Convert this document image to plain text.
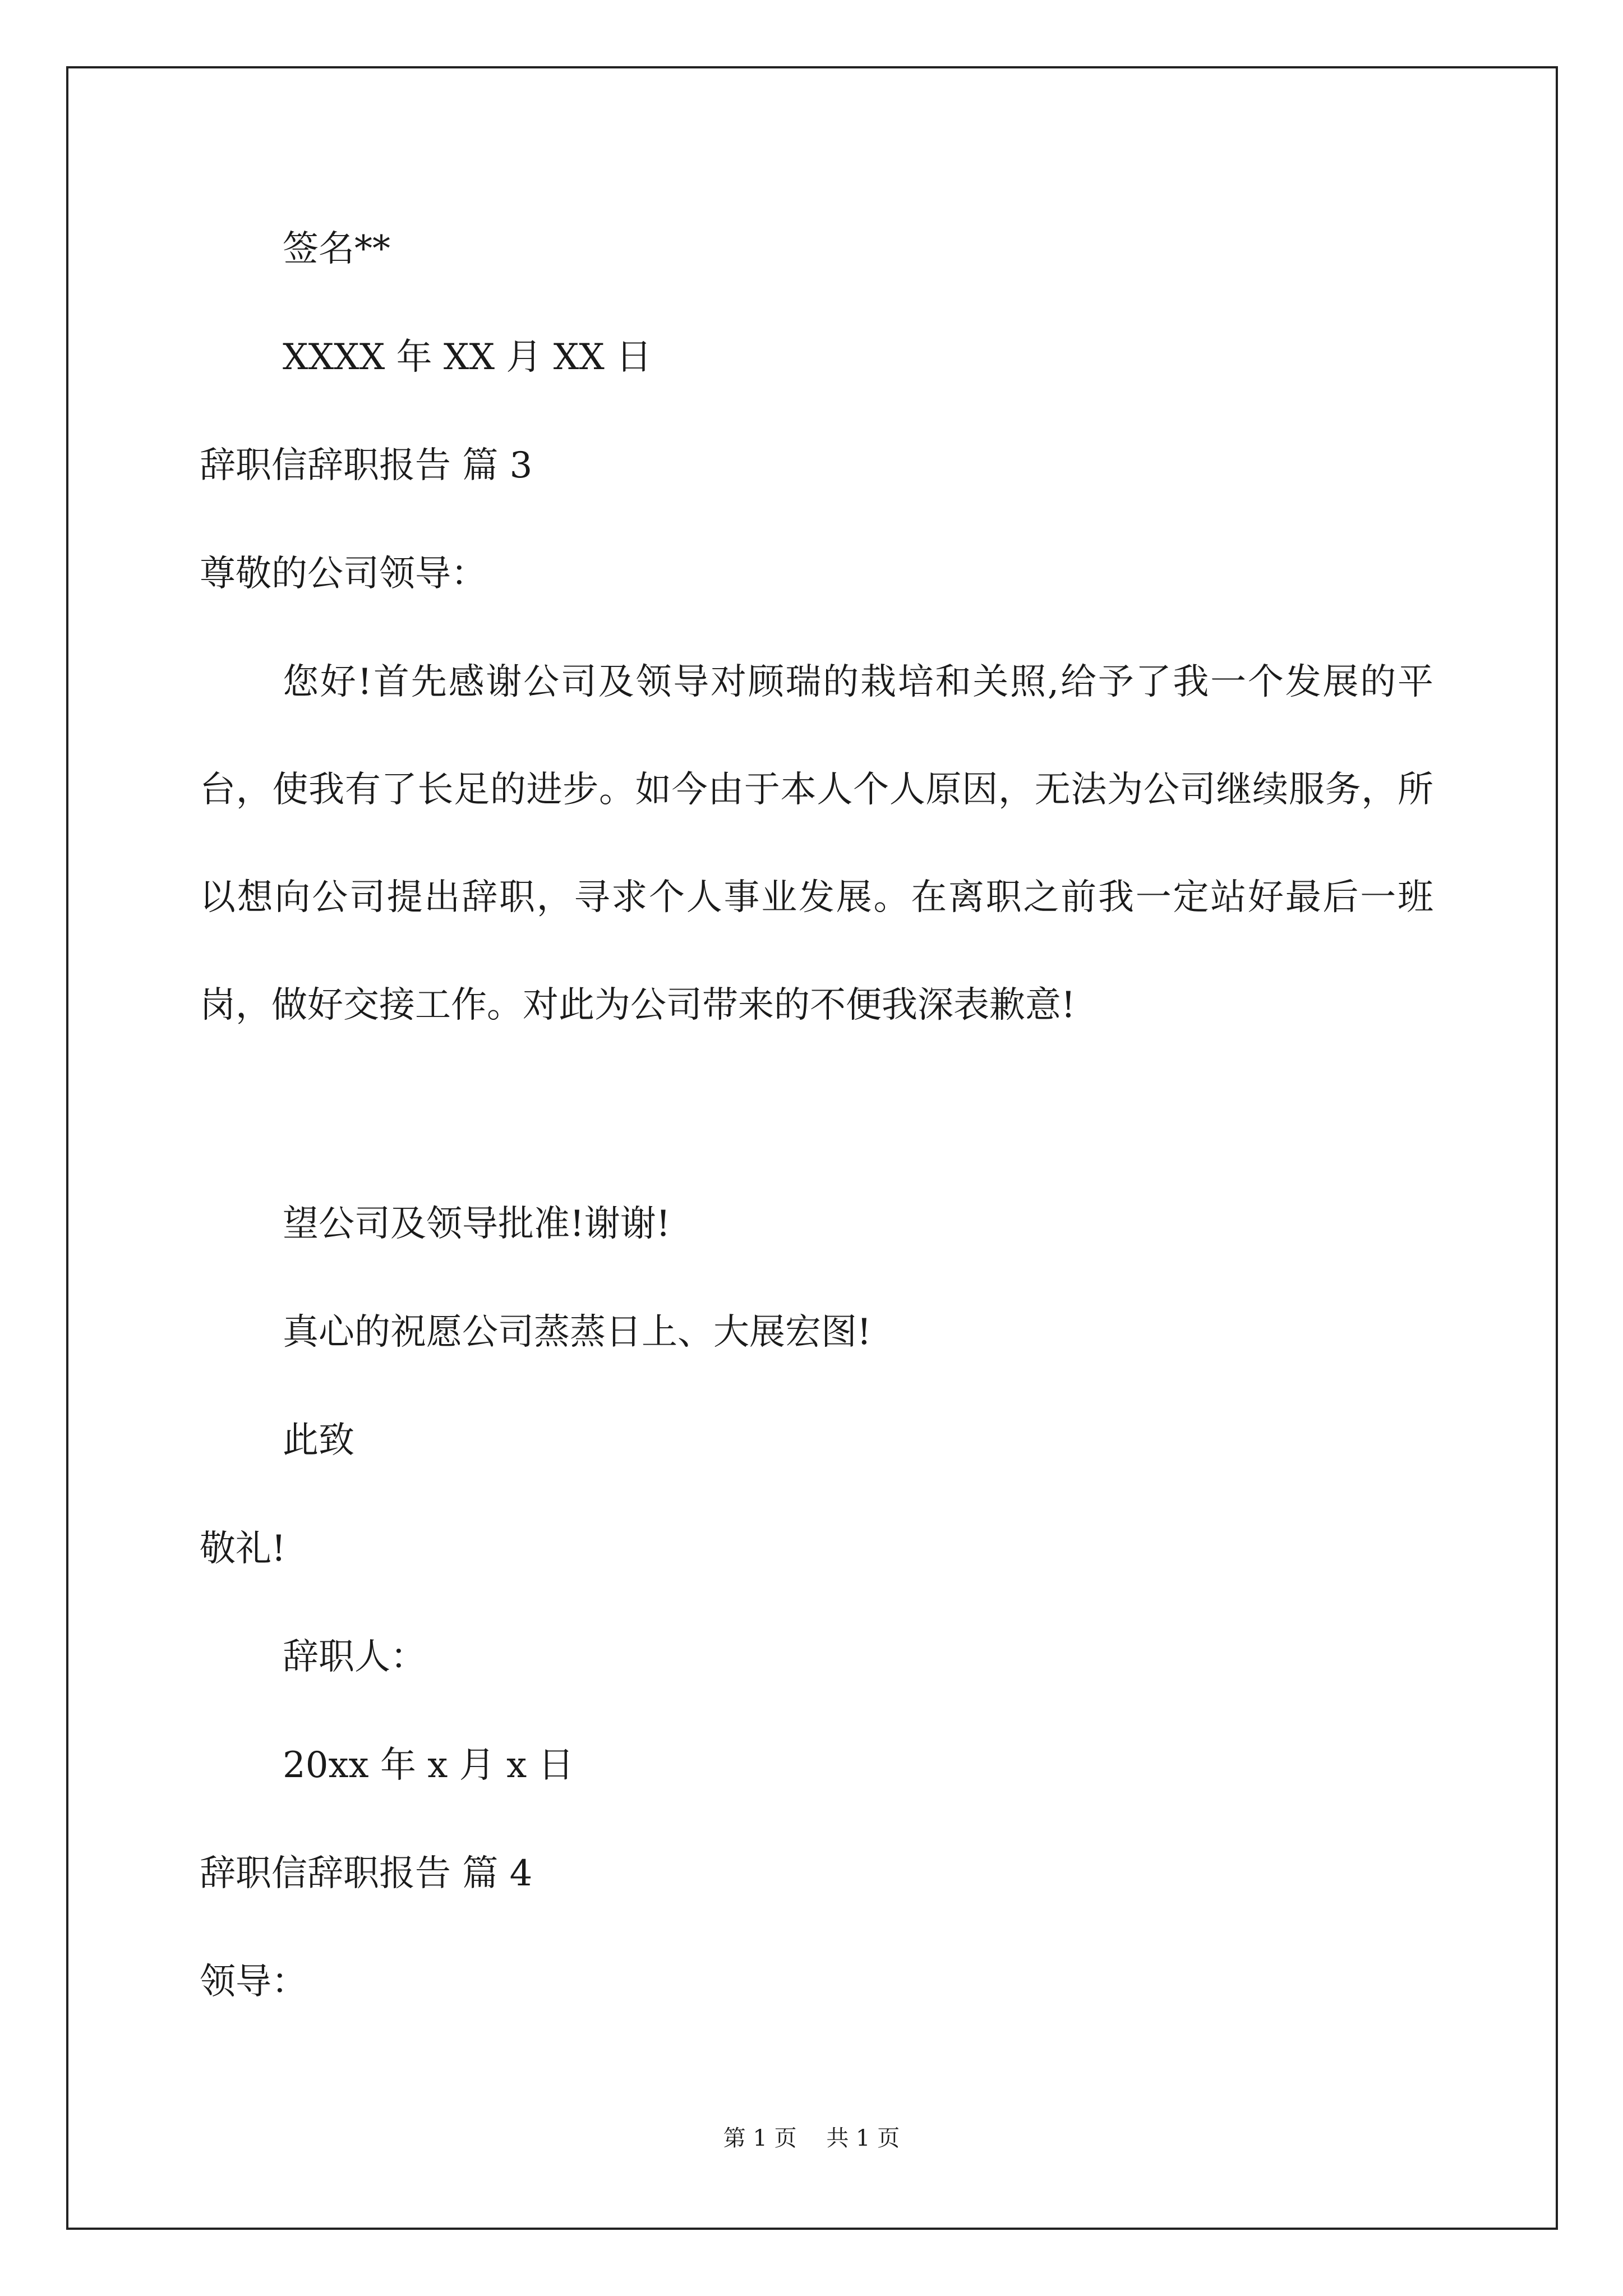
签名**
XXXX 年 XX 月 XX 日
辞职信辞职报告 篇 3
尊敬的公司领导：
您好!首先感谢公司及领导对顾瑞的栽培和关照,给予了我一个发展的平台，使我有了长足的进步。如今由于本人个人原因，无法为公司继续服务，所以想向公司提出辞职，寻求个人事业发展。在离职之前我一定站好最后一班岗，做好交接工作。对此为公司带来的不便我深表歉意!
望公司及领导批准!谢谢!
真心的祝愿公司蒸蒸日上、大展宏图!
此致
敬礼!
辞职人：
20xx 年 x 月 x 日
辞职信辞职报告 篇 4
领导：
第 1 页　 共 1 页
